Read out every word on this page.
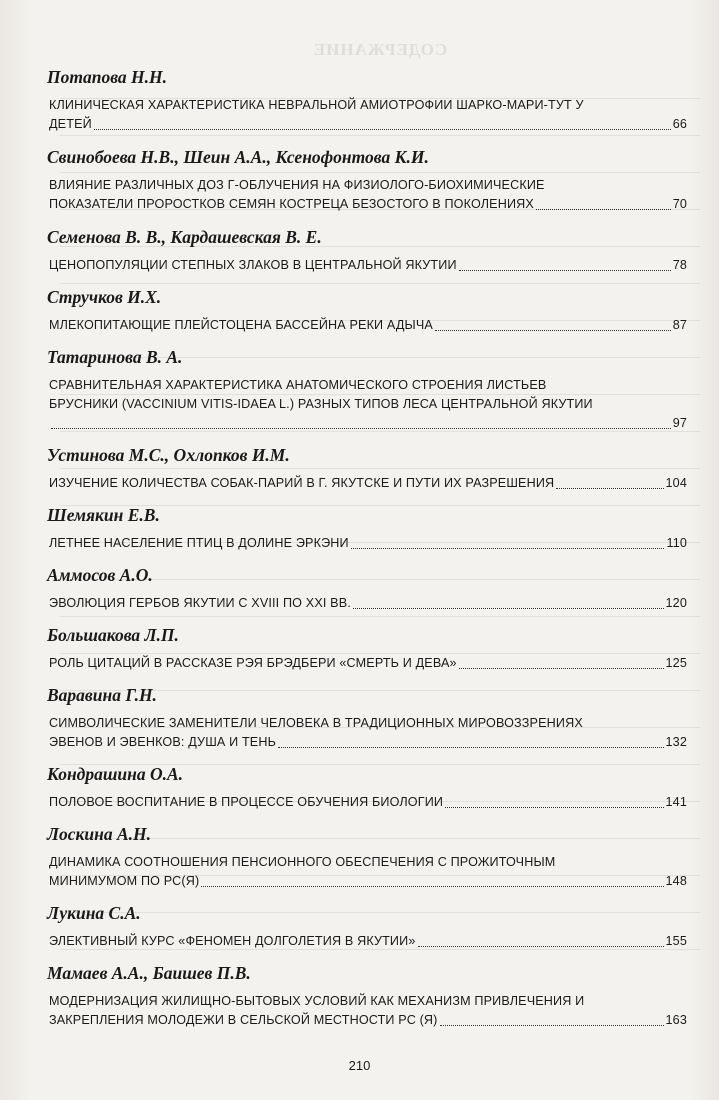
СОДЕРЖАНИЕ
Потапова Н.Н.
КЛИНИЧЕСКАЯ ХАРАКТЕРИСТИКА НЕВРАЛЬНОЙ АМИОТРОФИИ ШАРКО-МАРИ-ТУТ У
ДЕТЕЙ	66
Свинобоева Н.В., Шеин А.А., Ксенофонтова К.И.
ВЛИЯНИЕ РАЗЛИЧНЫХ ДОЗ Γ-ОБЛУЧЕНИЯ НА ФИЗИОЛОГО-БИОХИМИЧЕСКИЕ
ПОКАЗАТЕЛИ ПРОРОСТКОВ СЕМЯН КОСТРЕЦА БЕЗОСТОГО В ПОКОЛЕНИЯХ	70
Семенова В. В., Кардашевская В. Е.
ЦЕНОПОПУЛЯЦИИ СТЕПНЫХ ЗЛАКОВ В ЦЕНТРАЛЬНОЙ ЯКУТИИ	78
Стручков И.Х.
МЛЕКОПИТАЮЩИЕ ПЛЕЙСТОЦЕНА БАССЕЙНА РЕКИ АДЫЧА	87
Татаринова В. А.
СРАВНИТЕЛЬНАЯ ХАРАКТЕРИСТИКА АНАТОМИЧЕСКОГО СТРОЕНИЯ ЛИСТЬЕВ
БРУСНИКИ (VACCINIUM VITIS-IDAEA L.) РАЗНЫХ ТИПОВ ЛЕСА ЦЕНТРАЛЬНОЙ ЯКУТИИ
97
Устинова М.С., Охлопков И.М.
ИЗУЧЕНИЕ КОЛИЧЕСТВА СОБАК-ПАРИЙ В Г. ЯКУТСКЕ И ПУТИ ИХ РАЗРЕШЕНИЯ	104
Шемякин Е.В.
ЛЕТНЕЕ НАСЕЛЕНИЕ ПТИЦ В ДОЛИНЕ ЭРКЭНИ	110
Аммосов А.О.
ЭВОЛЮЦИЯ ГЕРБОВ ЯКУТИИ С XVIII ПО XXI ВВ.	120
Большакова Л.П.
РОЛЬ ЦИТАЦИЙ В РАССКАЗЕ РЭЯ БРЭДБЕРИ «СМЕРТЬ И ДЕВА»	125
Варавина Г.Н.
СИМВОЛИЧЕСКИЕ ЗАМЕНИТЕЛИ ЧЕЛОВЕКА В ТРАДИЦИОННЫХ МИРОВОЗЗРЕНИЯХ
ЭВЕНОВ И ЭВЕНКОВ: ДУША И ТЕНЬ	132
Кондрашина О.А.
ПОЛОВОЕ ВОСПИТАНИЕ В ПРОЦЕССЕ ОБУЧЕНИЯ БИОЛОГИИ	141
Лоскина А.Н.
ДИНАМИКА СООТНОШЕНИЯ ПЕНСИОННОГО ОБЕСПЕЧЕНИЯ С ПРОЖИТОЧНЫМ
МИНИМУМОМ ПО РС(Я)	148
Лукина С.А.
ЭЛЕКТИВНЫЙ КУРС «ФЕНОМЕН ДОЛГОЛЕТИЯ В ЯКУТИИ»	155
Мамаев А.А., Баишев П.В.
МОДЕРНИЗАЦИЯ ЖИЛИЩНО-БЫТОВЫХ УСЛОВИЙ КАК МЕХАНИЗМ ПРИВЛЕЧЕНИЯ И
ЗАКРЕПЛЕНИЯ МОЛОДЕЖИ В СЕЛЬСКОЙ МЕСТНОСТИ РС (Я)	163
210
